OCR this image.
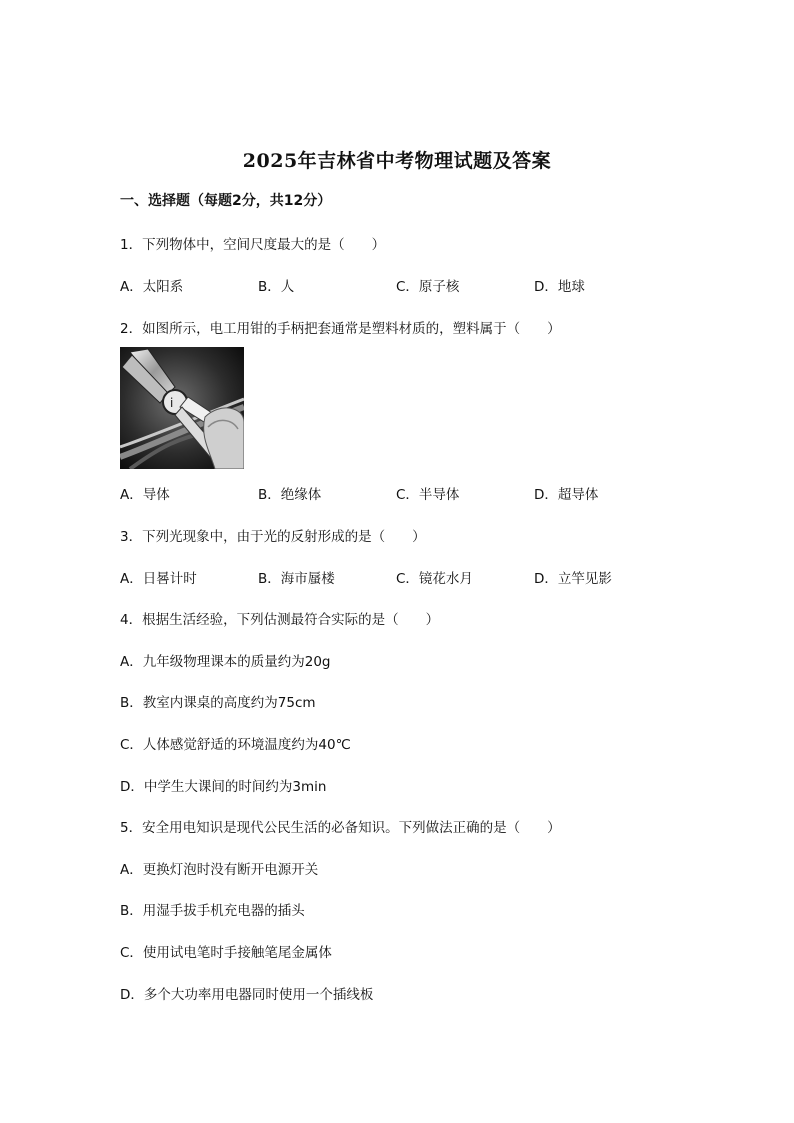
2025年吉林省中考物理试题及答案
一、选择题（每题2分，共12分）
1．下列物体中，空间尺度最大的是（　　）
A．太阳系	B．人	C．原子核	D．地球
2．如图所示，电工用钳的手柄把套通常是塑料材质的，塑料属于（　　）
i
A．导体	B．绝缘体	C．半导体	D．超导体
3．下列光现象中，由于光的反射形成的是（　　）
A．日晷计时	B．海市蜃楼	C．镜花水月	D．立竿见影
4．根据生活经验，下列估测最符合实际的是（　　）
A．九年级物理课本的质量约为20g
B．教室内课桌的高度约为75cm
C．人体感觉舒适的环境温度约为40℃
D．中学生大课间的时间约为3min
5．安全用电知识是现代公民生活的必备知识。下列做法正确的是（　　）
A．更换灯泡时没有断开电源开关
B．用湿手拔手机充电器的插头
C．使用试电笔时手接触笔尾金属体
D．多个大功率用电器同时使用一个插线板
